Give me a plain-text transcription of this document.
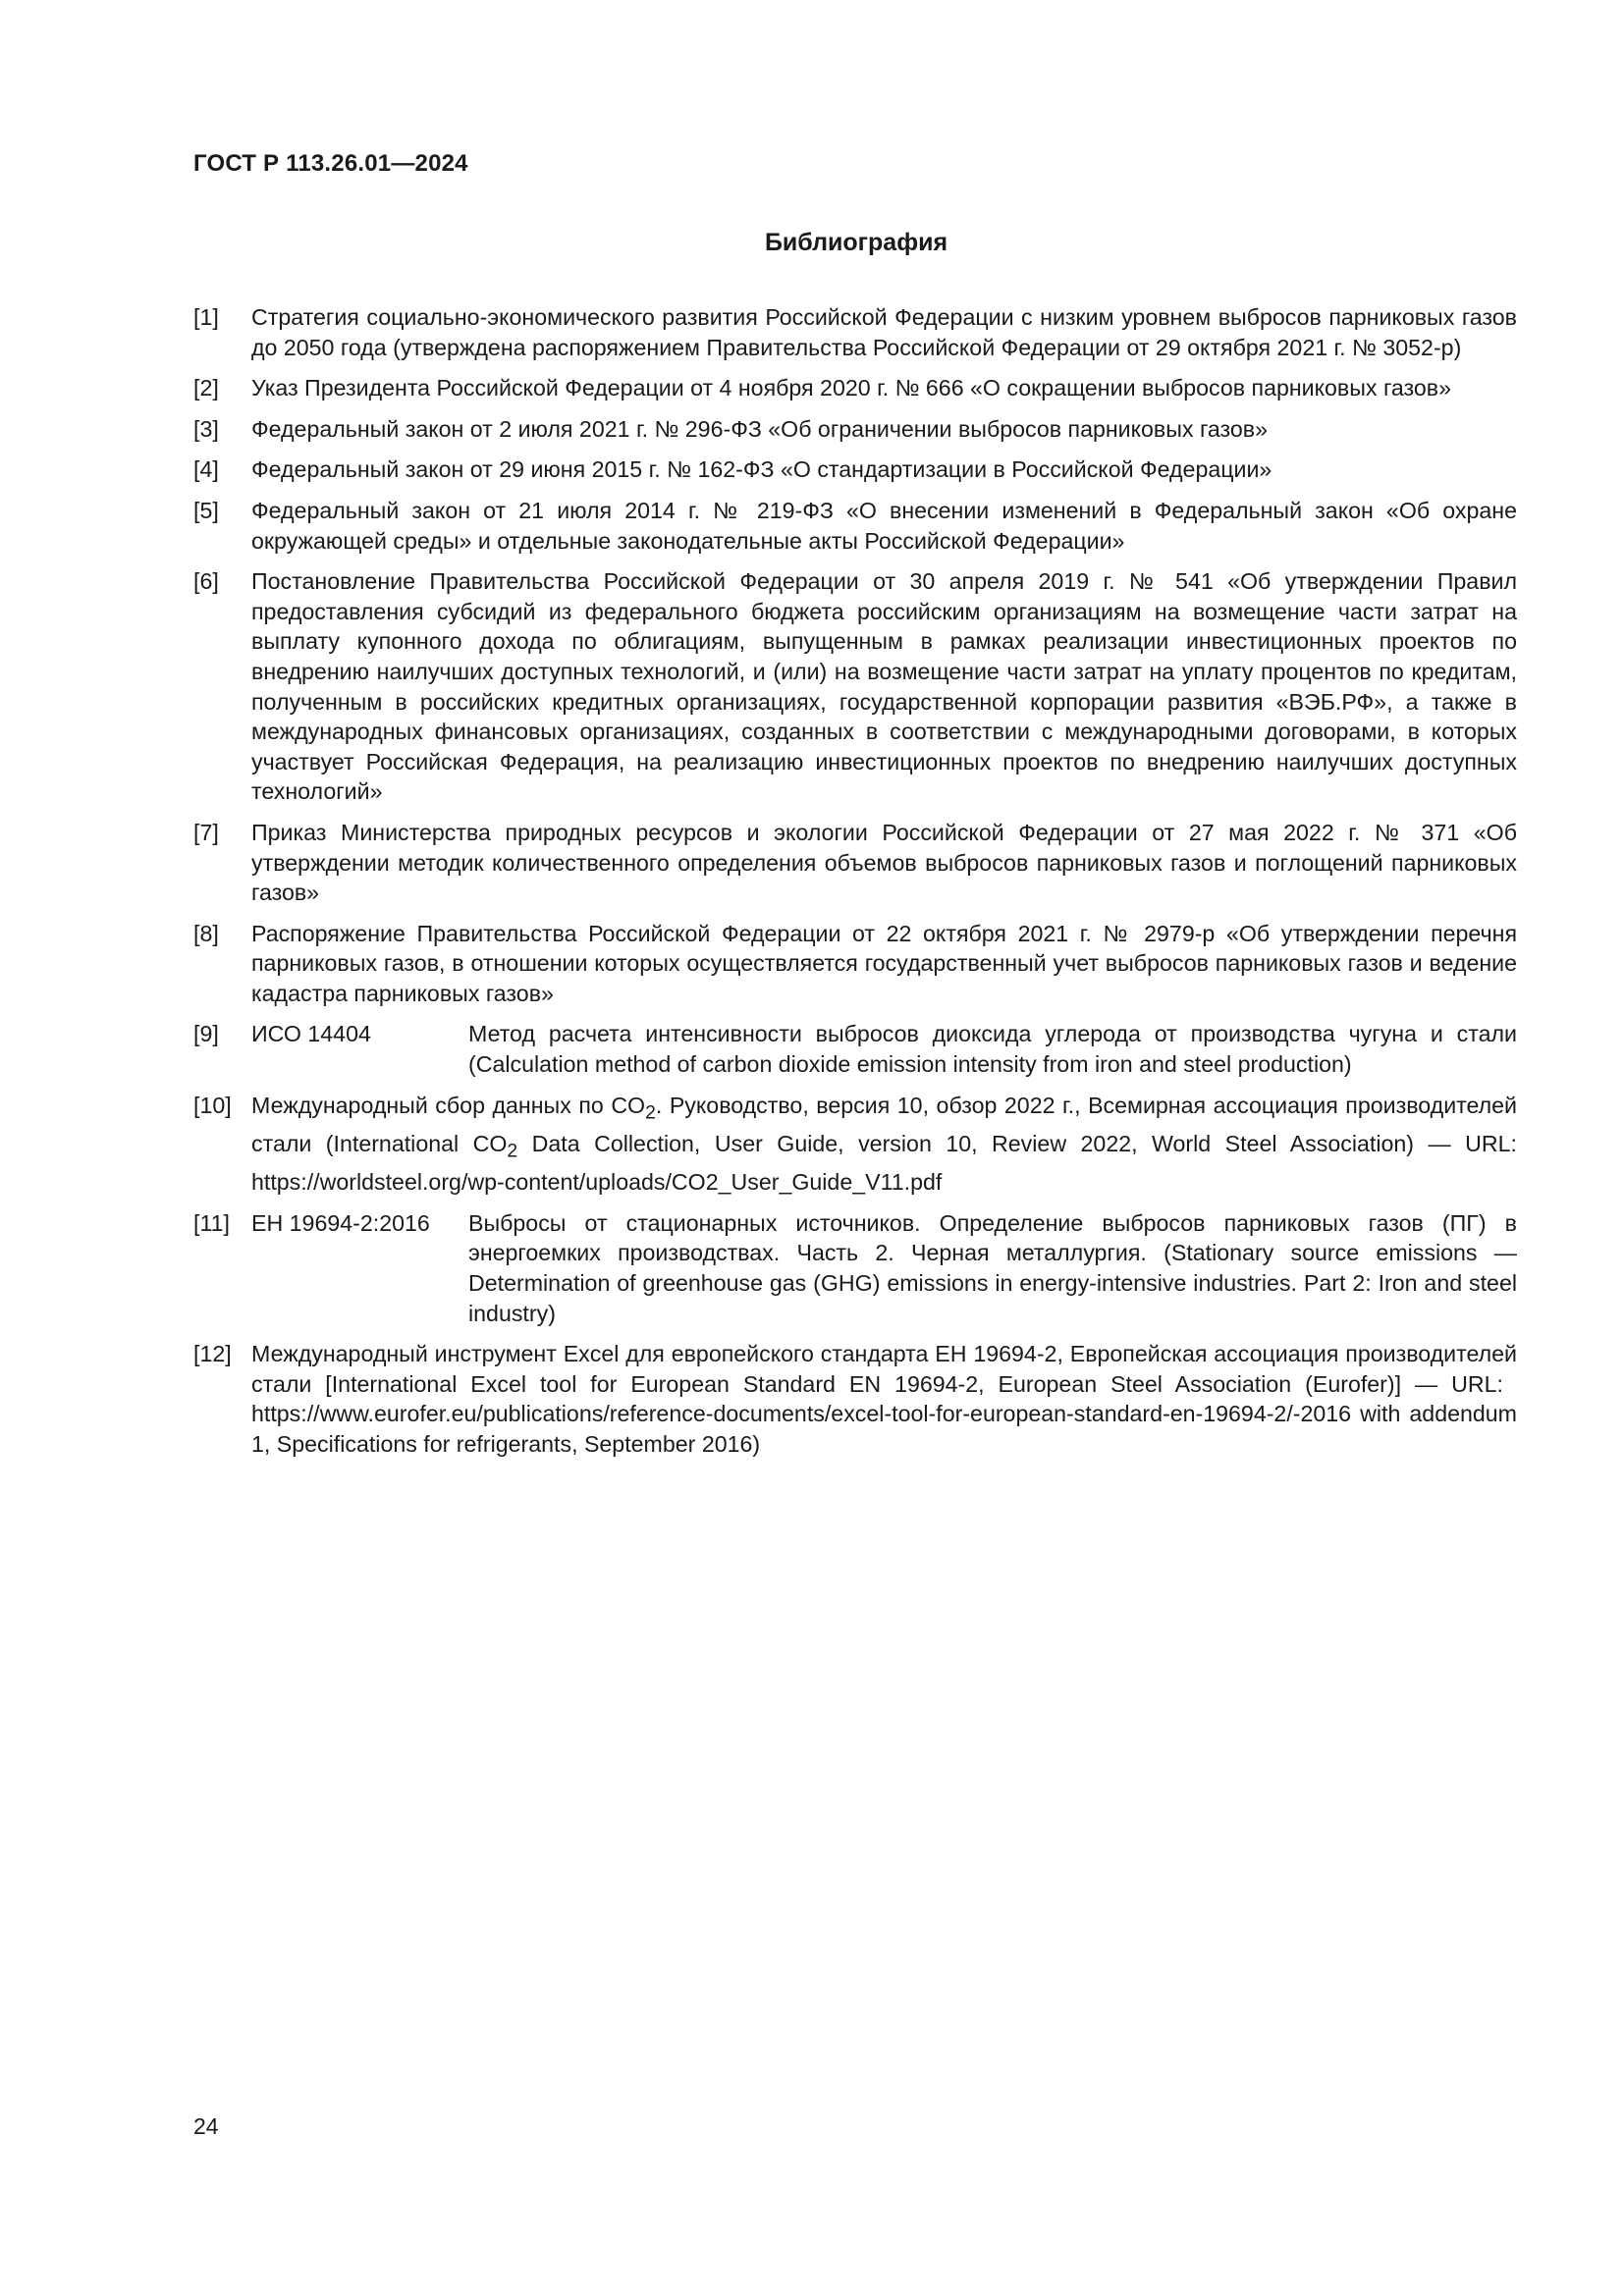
ГОСТ Р 113.26.01—2024
Библиография
[1] Стратегия социально-экономического развития Российской Федерации с низким уровнем выбросов парниковых газов до 2050 года (утверждена распоряжением Правительства Российской Федерации от 29 октября 2021 г. № 3052-р)
[2] Указ Президента Российской Федерации от 4 ноября 2020 г. № 666 «О сокращении выбросов парниковых газов»
[3] Федеральный закон от 2 июля 2021 г. № 296-ФЗ «Об ограничении выбросов парниковых газов»
[4] Федеральный закон от 29 июня 2015 г. № 162-ФЗ «О стандартизации в Российской Федерации»
[5] Федеральный закон от 21 июля 2014 г. № 219-ФЗ «О внесении изменений в Федеральный закон «Об охране окружающей среды» и отдельные законодательные акты Российской Федерации»
[6] Постановление Правительства Российской Федерации от 30 апреля 2019 г. № 541 «Об утверждении Правил предоставления субсидий из федерального бюджета российским организациям на возмещение части затрат на выплату купонного дохода по облигациям, выпущенным в рамках реализации инвестиционных проектов по внедрению наилучших доступных технологий, и (или) на возмещение части затрат на уплату процентов по кредитам, полученным в российских кредитных организациях, государственной корпорации развития «ВЭБ.РФ», а также в международных финансовых организациях, созданных в соответствии с международными договорами, в которых участвует Российская Федерация, на реализацию инвестиционных проектов по внедрению наилучших доступных технологий»
[7] Приказ Министерства природных ресурсов и экологии Российской Федерации от 27 мая 2022 г. № 371 «Об утверждении методик количественного определения объемов выбросов парниковых газов и поглощений парниковых газов»
[8] Распоряжение Правительства Российской Федерации от 22 октября 2021 г. № 2979-р «Об утверждении перечня парниковых газов, в отношении которых осуществляется государственный учет выбросов парниковых газов и ведение кадастра парниковых газов»
[9] ИСО 14404	Метод расчета интенсивности выбросов диоксида углерода от производства чугуна и стали (Calculation method of carbon dioxide emission intensity from iron and steel production)
[10] Международный сбор данных по $CO_2$. Руководство, версия 10, обзор 2022 г., Всемирная ассоциация производителей стали (International $CO_2$ Data Collection, User Guide, version 10, Review 2022, World Steel Association) — URL: https://worldsteel.org/wp-content/uploads/CO2_User_Guide_V11.pdf
[11] ЕН 19694-2:2016	Выбросы от стационарных источников. Определение выбросов парниковых газов (ПГ) в энергоемких производствах. Часть 2. Черная металлургия. (Stationary source emissions — Determination of greenhouse gas (GHG) emissions in energy-intensive industries. Part 2: Iron and steel industry)
[12] Международный инструмент Excel для европейского стандарта ЕН 19694-2, Европейская ассоциация производителей стали [International Excel tool for European Standard EN 19694-2, European Steel Association (Eurofer)] — URL:https://www.eurofer.eu/publications/reference-documents/excel-tool-for-european-standard-en-19694-2/-2016 with addendum 1, Specifications for refrigerants, September 2016)
24
